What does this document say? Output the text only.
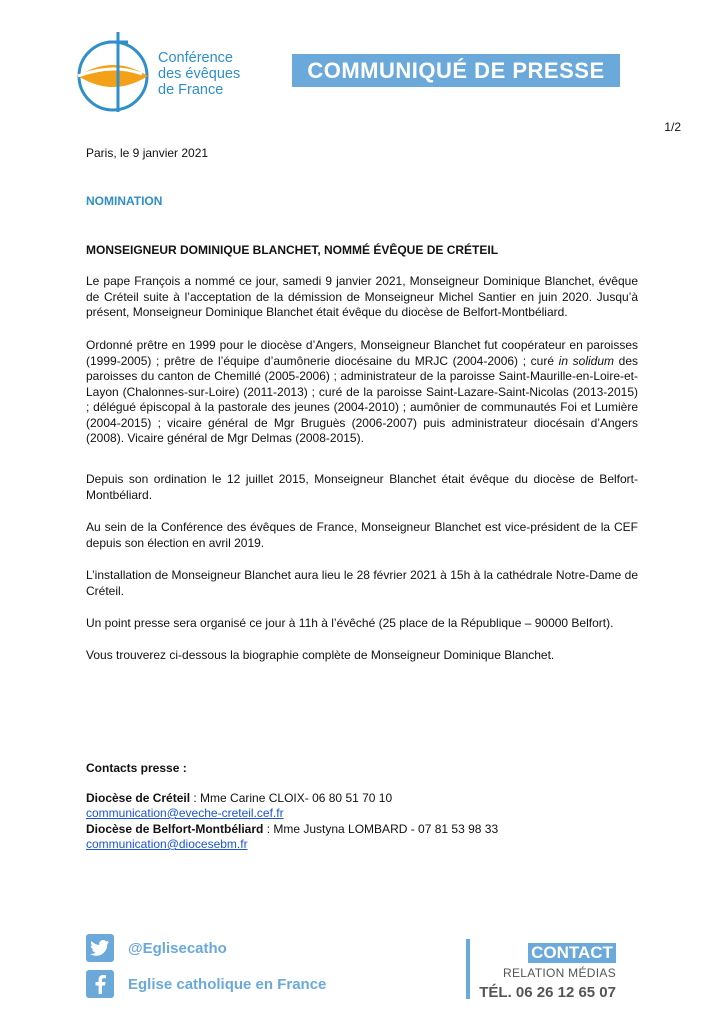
Conférence
des évêques
de France
COMMUNIQUÉ DE PRESSE
1/2
Paris, le 9 janvier 2021
NOMINATION
MONSEIGNEUR DOMINIQUE BLANCHET, NOMMÉ ÉVÊQUE DE CRÉTEIL
Le pape François a nommé ce jour, samedi 9 janvier 2021, Monseigneur Dominique Blanchet, évêque de Créteil suite à l’acceptation de la démission de Monseigneur Michel Santier en juin 2020. Jusqu’à présent, Monseigneur Dominique Blanchet était évêque du diocèse de Belfort-Montbéliard.
Ordonné prêtre en 1999 pour le diocèse d’Angers, Monseigneur Blanchet fut coopérateur en paroisses (1999-2005) ; prêtre de l’équipe d’aumônerie diocésaine du MRJC (2004-2006) ; curé in solidum des paroisses du canton de Chemillé (2005-2006) ; administrateur de la paroisse Saint-Maurille-en-Loire-et-Layon (Chalonnes-sur-Loire) (2011-2013) ; curé de la paroisse Saint-Lazare-Saint-Nicolas (2013-2015) ; délégué épiscopal à la pastorale des jeunes (2004-2010) ; aumônier de communautés Foi et Lumière (2004-2015) ; vicaire général de Mgr Bruguès (2006-2007) puis administrateur diocésain d’Angers (2008). Vicaire général de Mgr Delmas (2008-2015).
Depuis son ordination le 12 juillet 2015, Monseigneur Blanchet était évêque du diocèse de Belfort-Montbéliard.
Au sein de la Conférence des évêques de France, Monseigneur Blanchet est vice-président de la CEF depuis son élection en avril 2019.
L’installation de Monseigneur Blanchet aura lieu le 28 février 2021 à 15h à la cathédrale Notre-Dame de Créteil.
Un point presse sera organisé ce jour à 11h à l’évêché (25 place de la République – 90000 Belfort).
Vous trouverez ci-dessous la biographie complète de Monseigneur Dominique Blanchet.
Contacts presse :
Diocèse de Créteil : Mme Carine CLOIX- 06 80 51 70 10
communication@eveche-creteil.cef.fr
Diocèse de Belfort-Montbéliard : Mme Justyna LOMBARD - 07 81 53 98 33
communication@diocesebm.fr
@Eglisecatho
Eglise catholique en France
CONTACT
RELATION MÉDIAS
TÉL. 06 26 12 65 07
